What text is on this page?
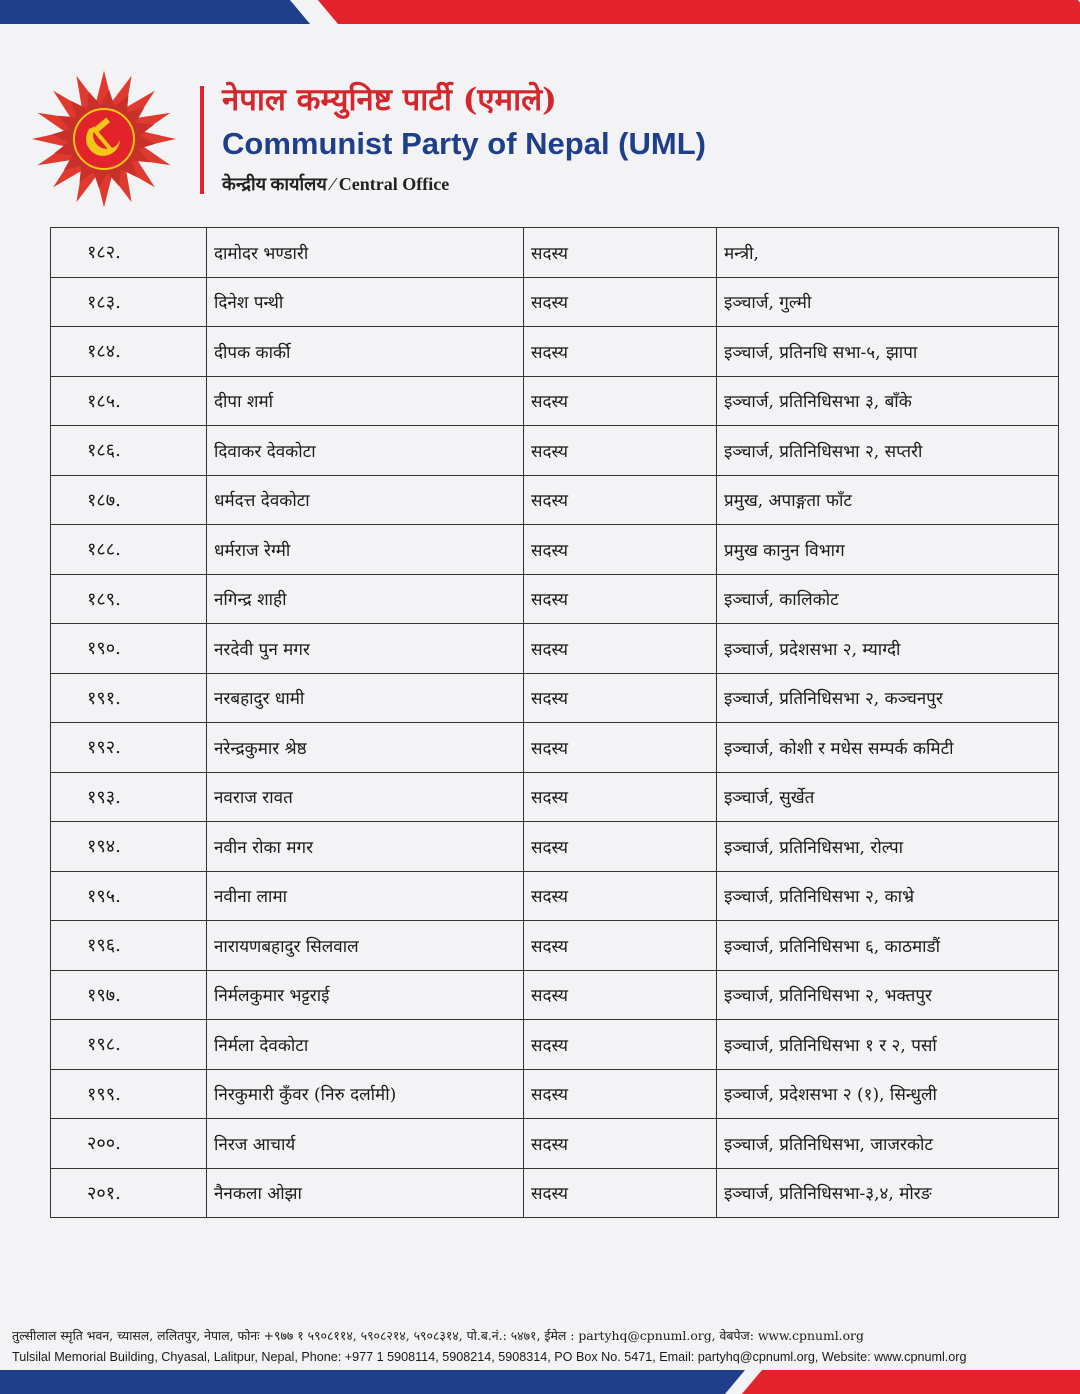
नेपाल कम्युनिष्ट पार्टी (एमाले)
Communist Party of Nepal (UML)
केन्द्रीय कार्यालय ⁄ Central Office
१८२.	दामोदर भण्डारी	सदस्य	मन्त्री,
१८३.	दिनेश पन्थी	सदस्य	इञ्चार्ज, गुल्मी
१८४.	दीपक कार्की	सदस्य	इञ्चार्ज, प्रतिनधि सभा-५, झापा
१८५.	दीपा शर्मा	सदस्य	इञ्चार्ज, प्रतिनिधिसभा ३, बाँके
१८६.	दिवाकर देवकोटा	सदस्य	इञ्चार्ज, प्रतिनिधिसभा २, सप्तरी
१८७.	धर्मदत्त देवकोटा	सदस्य	प्रमुख, अपाङ्गता फाँट
१८८.	धर्मराज रेग्मी	सदस्य	प्रमुख कानुन विभाग
१८९.	नगिन्द्र शाही	सदस्य	इञ्चार्ज, कालिकोट
१९०.	नरदेवी पुन मगर	सदस्य	इञ्चार्ज, प्रदेशसभा २, म्याग्दी
१९१.	नरबहादुर धामी	सदस्य	इञ्चार्ज, प्रतिनिधिसभा २, कञ्चनपुर
१९२.	नरेन्द्रकुमार श्रेष्ठ	सदस्य	इञ्चार्ज, कोशी र मधेस सम्पर्क कमिटी
१९३.	नवराज रावत	सदस्य	इञ्चार्ज, सुर्खेत
१९४.	नवीन रोका मगर	सदस्य	इञ्चार्ज, प्रतिनिधिसभा, रोल्पा
१९५.	नवीना लामा	सदस्य	इञ्चार्ज, प्रतिनिधिसभा २, काभ्रे
१९६.	नारायणबहादुर सिलवाल	सदस्य	इञ्चार्ज, प्रतिनिधिसभा ६, काठमाडौं
१९७.	निर्मलकुमार भट्टराई	सदस्य	इञ्चार्ज, प्रतिनिधिसभा २, भक्तपुर
१९८.	निर्मला देवकोटा	सदस्य	इञ्चार्ज, प्रतिनिधिसभा १ र २, पर्सा
१९९.	निरकुमारी कुँवर (निरु दर्लामी)	सदस्य	इञ्चार्ज, प्रदेशसभा २ (१), सिन्धुली
२००.	निरज आचार्य	सदस्य	इञ्चार्ज, प्रतिनिधिसभा, जाजरकोट
२०१.	नैनकला ओझा	सदस्य	इञ्चार्ज, प्रतिनिधिसभा-३,४, मोरङ
तुल्सीलाल स्मृति भवन, च्यासल, ललितपुर, नेपाल, फोनः +९७७ १ ५९०८११४, ५९०८२१४, ५९०८३१४, पो.ब.नं.: ५४७१, ईमेल : partyhq@cpnuml.org, वेबपेज: www.cpnuml.org
Tulsilal Memorial Building, Chyasal, Lalitpur, Nepal, Phone: +977 1 5908114, 5908214, 5908314, PO Box No. 5471, Email: partyhq@cpnuml.org, Website: www.cpnuml.org
